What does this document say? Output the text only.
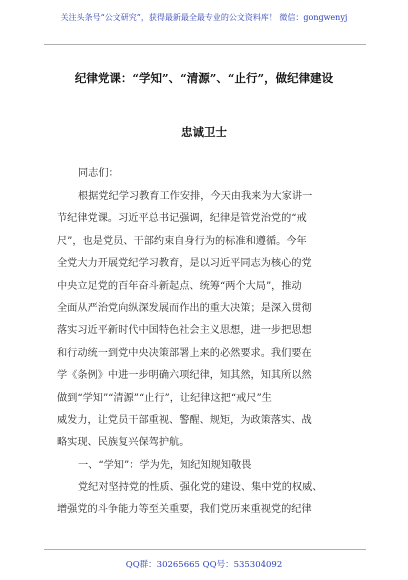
关注头条号“公文研究”，获得最新最全最专业的公文资料库！ 微信：gongwenyj
纪律党课：“学知”、“清源”、“止行”，做纪律建设
忠诚卫士
同志们：
根据党纪学习教育工作安排，今天由我来为大家讲一
节纪律党课。习近平总书记强调，纪律是管党治党的“戒
尺”，也是党员、干部约束自身行为的标准和遵循。今年
全党大力开展党纪学习教育，是以习近平同志为核心的党
中央立足党的百年奋斗新起点、统筹“两个大局”，推动
全面从严治党向纵深发展而作出的重大决策；是深入贯彻
落实习近平新时代中国特色社会主义思想，进一步把思想
和行动统一到党中央决策部署上来的必然要求。我们要在
学《条例》中进一步明确六项纪律，知其然，知其所以然
做到“学知”“清源”“止行”，让纪律这把“戒尺”生
威发力，让党员干部重视、警醒、规矩，为政策落实、战
略实现、民族复兴保驾护航。
一、“学知”：学为先，知纪知规知敬畏
党纪对坚持党的性质、强化党的建设、集中党的权威、
增强党的斗争能力等至关重要，我们党历来重视党的纪律
QQ群：30265665 QQ号：535304092
